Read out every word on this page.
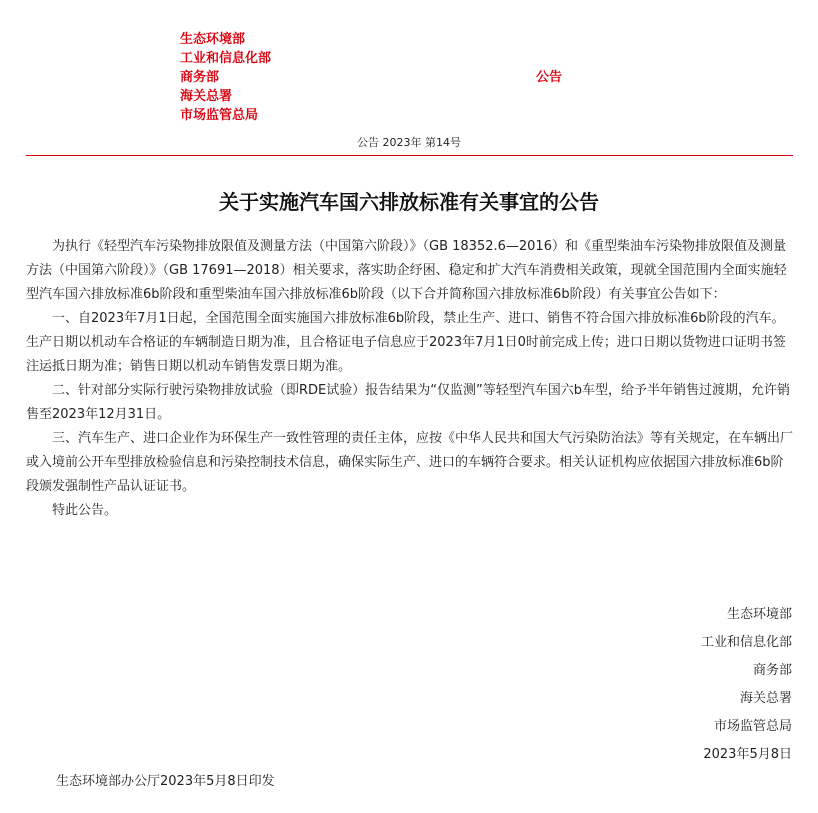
生态环境部
工业和信息化部
商务部
海关总署
市场监管总局
公告
公告 2023年 第14号
关于实施汽车国六排放标准有关事宜的公告

为执行《轻型汽车污染物排放限值及测量方法（中国第六阶段）》（GB 18352.6—2016）和《重型柴油车污染物排放限值及测量方法（中国第六阶段）》（GB 17691—2018）相关要求，落实助企纾困、稳定和扩大汽车消费相关政策，现就全国范围内全面实施轻型汽车国六排放标准6b阶段和重型柴油车国六排放标准6b阶段（以下合并简称国六排放标准6b阶段）有关事宜公告如下：

一、自2023年7月1日起，全国范围全面实施国六排放标准6b阶段，禁止生产、进口、销售不符合国六排放标准6b阶段的汽车。生产日期以机动车合格证的车辆制造日期为准，且合格证电子信息应于2023年7月1日0时前完成上传；进口日期以货物进口证明书签注运抵日期为准；销售日期以机动车销售发票日期为准。

二、针对部分实际行驶污染物排放试验（即RDE试验）报告结果为“仅监测”等轻型汽车国六b车型，给予半年销售过渡期，允许销售至2023年12月31日。

三、汽车生产、进口企业作为环保生产一致性管理的责任主体，应按《中华人民共和国大气污染防治法》等有关规定，在车辆出厂或入境前公开车型排放检验信息和污染控制技术信息，确保实际生产、进口的车辆符合要求。相关认证机构应依据国六排放标准6b阶段颁发强制性产品认证证书。

特此公告。

生态环境部
工业和信息化部
商务部
海关总署
市场监管总局
2023年5月8日
生态环境部办公厅2023年5月8日印发
